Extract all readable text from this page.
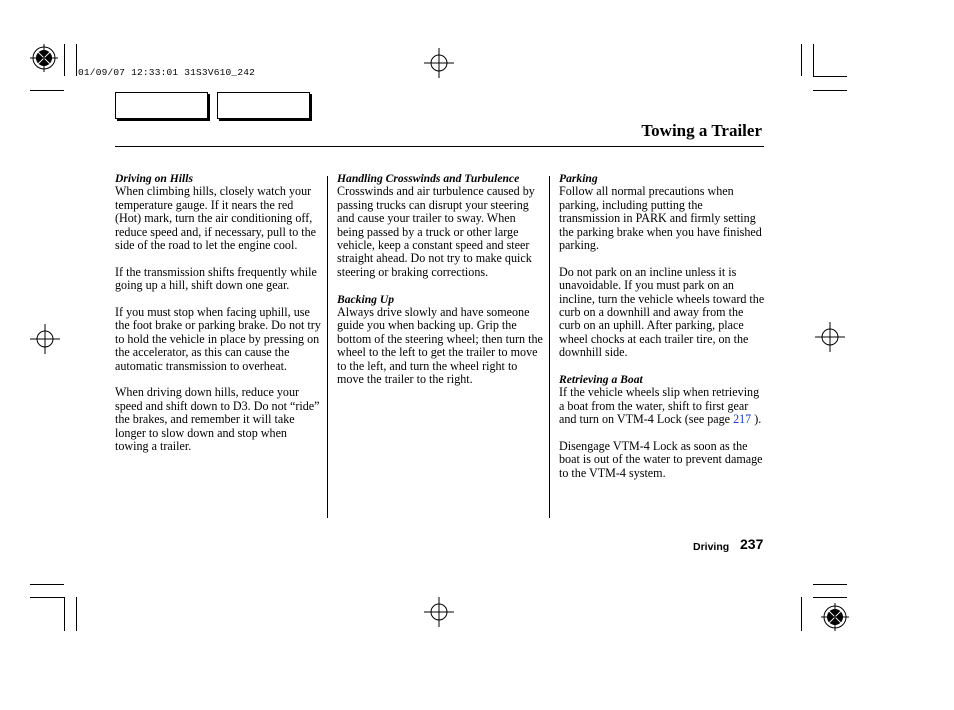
01/09/07 12:33:01 31S3V610_242
Towing a Trailer

Driving on Hills

When climbing hills, closely watch your temperature gauge. If it nears the red (Hot) mark, turn the air conditioning off, reduce speed and, if necessary, pull to the side of the road to let the engine cool.

If the transmission shifts frequently while going up a hill, shift down one gear.

If you must stop when facing uphill, use the foot brake or parking brake. Do not try to hold the vehicle in place by pressing on the accelerator, as this can cause the automatic transmission to overheat.

When driving down hills, reduce your speed and shift down to D3. Do not “ride” the brakes, and remember it will take longer to slow down and stop when towing a trailer.

Handling Crosswinds and Turbulence

Crosswinds and air turbulence caused by passing trucks can disrupt your steering and cause your trailer to sway. When being passed by a truck or other large vehicle, keep a constant speed and steer straight ahead. Do not try to make quick steering or braking corrections.

Backing Up

Always drive slowly and have someone guide you when backing up. Grip the bottom of the steering wheel; then turn the wheel to the left to get the trailer to move to the left, and turn the wheel right to move the trailer to the right.

Parking

Follow all normal precautions when parking, including putting the transmission in PARK and firmly setting the parking brake when you have finished parking.

Do not park on an incline unless it is unavoidable. If you must park on an incline, turn the vehicle wheels toward the curb on a downhill and away from the curb on an uphill. After parking, place wheel chocks at each trailer tire, on the downhill side.

Retrieving a Boat

If the vehicle wheels slip when retrieving a boat from the water, shift to first gear and turn on VTM-4 Lock (see page 217 ).

Disengage VTM-4 Lock as soon as the boat is out of the water to prevent damage to the VTM-4 system.

Driving 237
